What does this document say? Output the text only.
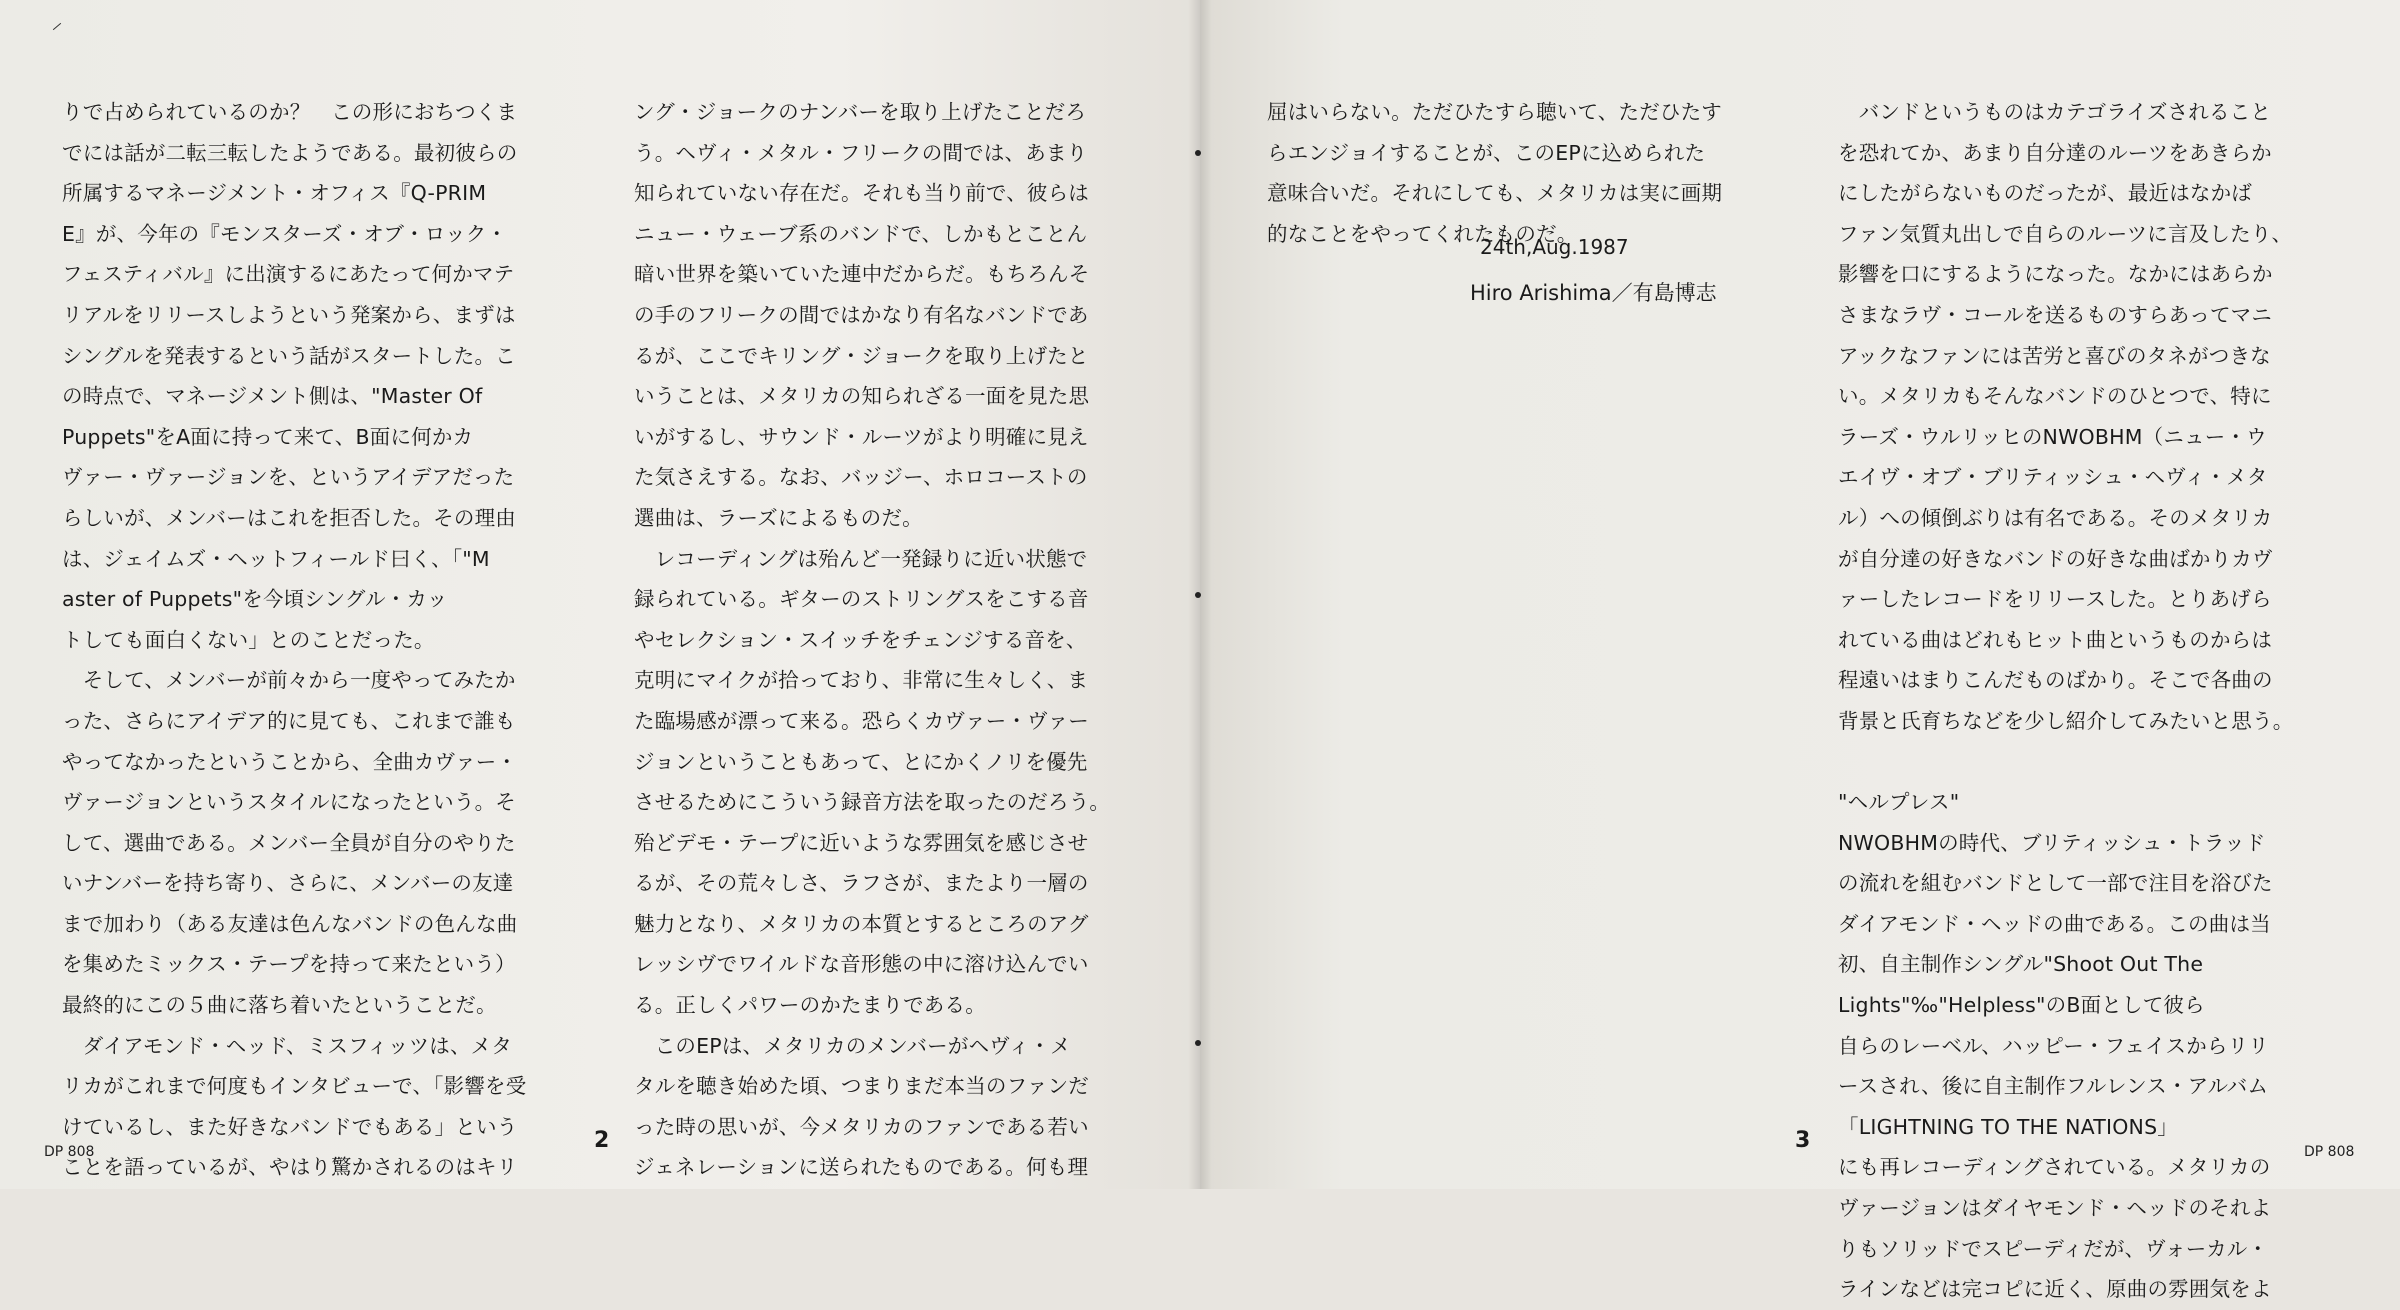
りで占められているのか？　この形におちつくま
でには話が二転三転したようである。最初彼らの
所属するマネージメント・オフィス『Q-PRIM
E』が、今年の『モンスターズ・オブ・ロック・
フェスティバル』に出演するにあたって何かマテ
リアルをリリースしようという発案から、まずは
シングルを発表するという話がスタートした。こ
の時点で、マネージメント側は、"Master Of
Puppets"をA面に持って来て、B面に何かカ
ヴァー・ヴァージョンを、というアイデアだった
らしいが、メンバーはこれを拒否した。その理由
は、ジェイムズ・ヘットフィールド曰く、「"M
aster of Puppets"を今頃シングル・カッ
トしても面白くない」とのことだった。
　そして、メンバーが前々から一度やってみたか
った、さらにアイデア的に見ても、これまで誰も
やってなかったということから、全曲カヴァー・
ヴァージョンというスタイルになったという。そ
して、選曲である。メンバー全員が自分のやりた
いナンバーを持ち寄り、さらに、メンバーの友達
まで加わり（ある友達は色んなバンドの色んな曲
を集めたミックス・テープを持って来たという）
最終的にこの５曲に落ち着いたということだ。
　ダイアモンド・ヘッド、ミスフィッツは、メタ
リカがこれまで何度もインタビューで、「影響を受
けているし、また好きなバンドでもある」という
ことを語っているが、やはり驚かされるのはキリ
ング・ジョークのナンバーを取り上げたことだろ
う。ヘヴィ・メタル・フリークの間では、あまり
知られていない存在だ。それも当り前で、彼らは
ニュー・ウェーブ系のバンドで、しかもとことん
暗い世界を築いていた連中だからだ。もちろんそ
の手のフリークの間ではかなり有名なバンドであ
るが、ここでキリング・ジョークを取り上げたと
いうことは、メタリカの知られざる一面を見た思
いがするし、サウンド・ルーツがより明確に見え
た気さえする。なお、バッジー、ホロコーストの
選曲は、ラーズによるものだ。
　レコーディングは殆んど一発録りに近い状態で
録られている。ギターのストリングスをこする音
やセレクション・スイッチをチェンジする音を、
克明にマイクが拾っており、非常に生々しく、ま
た臨場感が漂って来る。恐らくカヴァー・ヴァー
ジョンということもあって、とにかくノリを優先
させるためにこういう録音方法を取ったのだろう。
殆どデモ・テープに近いような雰囲気を感じさせ
るが、その荒々しさ、ラフさが、またより一層の
魅力となり、メタリカの本質とするところのアグ
レッシヴでワイルドな音形態の中に溶け込んでい
る。正しくパワーのかたまりである。
　このEPは、メタリカのメンバーがヘヴィ・メ
タルを聴き始めた頃、つまりまだ本当のファンだ
った時の思いが、今メタリカのファンである若い
ジェネレーションに送られたものである。何も理
屈はいらない。ただひたすら聴いて、ただひたす
らエンジョイすることが、このEPに込められた
意味合いだ。それにしても、メタリカは実に画期
的なことをやってくれたものだ。
　バンドというものはカテゴライズされること
を恐れてか、あまり自分達のルーツをあきらか
にしたがらないものだったが、最近はなかば
ファン気質丸出しで自らのルーツに言及したり、
影響を口にするようになった。なかにはあらか
さまなラヴ・コールを送るものすらあってマニ
アックなファンには苦労と喜びのタネがつきな
い。メタリカもそんなバンドのひとつで、特に
ラーズ・ウルリッヒのNWOBHM（ニュー・ウ
エイヴ・オブ・ブリティッシュ・ヘヴィ・メタ
ル）への傾倒ぶりは有名である。そのメタリカ
が自分達の好きなバンドの好きな曲ばかりカヴ
ァーしたレコードをリリースした。とりあげら
れている曲はどれもヒット曲というものからは
程遠いはまりこんだものばかり。そこで各曲の
背景と氏育ちなどを少し紹介してみたいと思う。
"ヘルプレス"
NWOBHMの時代、ブリティッシュ・トラッド
の流れを組むバンドとして一部で注目を浴びた
ダイアモンド・ヘッドの曲である。この曲は当
初、自主制作シングル"Shoot Out The
Lights"‰"Helpless"のB面として彼ら
自らのレーベル、ハッピー・フェイスからリリ
ースされ、後に自主制作フルレンス・アルバム
「LIGHTNING TO THE NATIONS」
にも再レコーディングされている。メタリカの
ヴァージョンはダイヤモンド・ヘッドのそれよ
りもソリッドでスピーディだが、ヴォーカル・
ラインなどは完コピに近く、原曲の雰囲気をよ
24th,Aug.1987
Hiro Arishima／有島博志
DP 808	2	3	DP 808
